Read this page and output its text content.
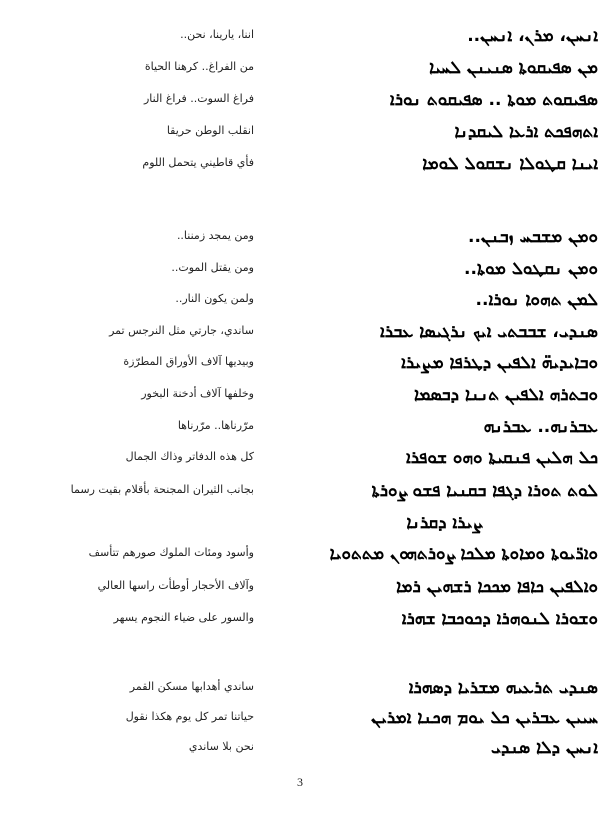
اننا، يارينا، نحن..	ܐܢܚܢ، ܡܪܢ، ܐܢܚܢ..
من الفراغ.. كرهنا الحياة	ܡܢ ܣܦܝܩܘܬܐ ܣܢܝܢܢ ܠܚܝܐ
فراغ السوت.. فراغ النار	ܣܦܝܩܘܬ ܡܘܬܐ .. ܣܦܝܩܘܬ ܢܘܪܐ
انقلب الوطن حريقا	ܐܬܗܦܟܬ ܐܪܥܐ ܠܝܩܕܢܐ
فأي قاطيني يتحمل اللوم	ܐܝܢܐ ܩܛܘܠܐ ܢܫܩܘܠ ܠܘܡܐ
ومن يمجد زمننا..	ܘܡܢ ܡܫܒܚ ܙܒܢܢ..
ومن يقتل الموت..	ܘܡܢ ܢܩܛܘܠ ܡܘܬܐ..
ولمن يكون النار..	ܠܡܢ ܬܗܘܐ ܢܘܪܐ..
ساندي، جارتي مثل النرجس تمر	ܣܢܕܝ، ܫܒܒܬܝ ܐܝܟ ܢܪܓܝܣܐ ܥܒܪܐ
وبيديها آلاف الأوراق المطرّزة	ܘܒܐܝܕܝܗ̈ ܐܠܦܝܢ ܕܛܪܦܐ ܡܨܝܪܐ
وخلفها آلاف أدخنة البخور	ܘܒܬܪܗ ܐܠܦܝܢ ܬܢܢܐ ܕܒܣܡܐ
مرّرناها.. مرّرناها	ܥܒܪܢܗ.. ܥܒܪܢܗ
كل هذه الدفاتر وذاك الجمال	ܟܠ ܗܠܝܢ ܦܢܩܝܬܐ ܘܗܘ ܫܘܦܪܐ
بجانب الثيران المجنحة بأقلام بقيت رسما	ܠܘܬ ܬܘܪܐ ܕܓܦܐ ܒܩܢܝܐ ܦܫܘ ܨܘܪܬܐ
ܨܝܪܐ ܕܩܪܢܐ
وأسود ومئات الملوك صورهم تتأسف	ܘܐܪ̈ܝܘܬܐ ܘܡܐܘܬܐ ܡܠܟܐ ܨܘܪܬܗܘܢ ܡܬܬܘܝܐ
وآلاف الأحجار أوطأت راسها العالي	ܘܐܠܦܝܢ ܟܐܦܐ ܡܟܟܐ ܪܫܗܝܢ ܪܡܐ
والسور على ضياء النجوم يسهر	ܘܫܘܪܐ ܠܢܘܗܪܐ ܕܟܘܟܒܐ ܫܗܪܐ
ساندي أهدابها مسكن القمر	ܣܢܕܝ ܬܪܥܝܗ ܡܫܪܝܐ ܕܣܗܪܐ
حياتنا تمر كل يوم هكذا نقول	ܚܝܝܢ ܥܒܪܝܢ ܟܠ ܝܘܡ ܗܟܢܐ ܐܡܪܝܢ
نحن بلا ساندي	ܐܢܚܢ ܕܠܐ ܣܢܕܝ
3
